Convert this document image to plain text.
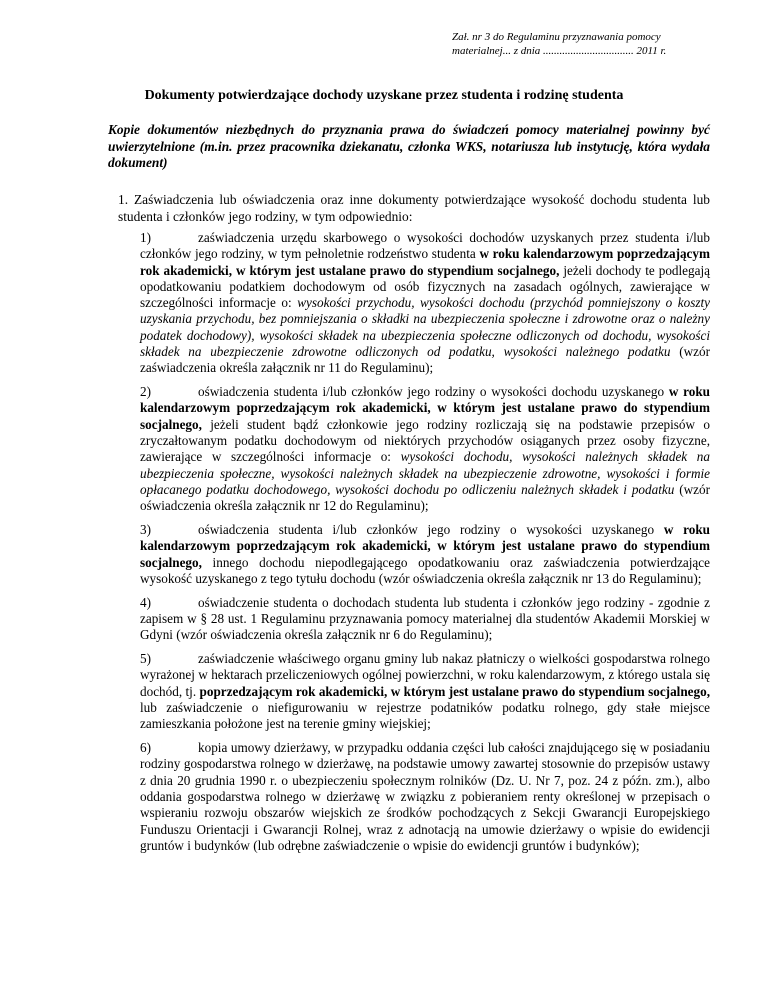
Zał. nr 3 do Regulaminu przyznawania pomocy
materialnej... z dnia ................................. 2011 r.
Dokumenty potwierdzające dochody uzyskane przez studenta i rodzinę studenta
Kopie dokumentów niezbędnych do przyznania prawa do świadczeń pomocy materialnej powinny być uwierzytelnione (m.in. przez pracownika dziekanatu, członka WKS, notariusza lub instytucję, która wydała dokument)
1. Zaświadczenia lub oświadczenia oraz inne dokumenty potwierdzające wysokość dochodu studenta lub studenta i członków jego rodziny, w tym odpowiednio:
1)	zaświadczenia urzędu skarbowego o wysokości dochodów uzyskanych przez studenta i/lub członków jego rodziny, w tym pełnoletnie rodzeństwo studenta w roku kalendarzowym poprzedzającym rok akademicki, w którym jest ustalane prawo do stypendium socjalnego, jeżeli dochody te podlegają opodatkowaniu podatkiem dochodowym od osób fizycznych na zasadach ogólnych, zawierające w szczególności informacje o: wysokości przychodu, wysokości dochodu (przychód pomniejszony o koszty uzyskania przychodu, bez pomniejszania o składki na ubezpieczenia społeczne i zdrowotne oraz o należny podatek dochodowy), wysokości składek na ubezpieczenia społeczne odliczonych od dochodu, wysokości składek na ubezpieczenie zdrowotne odliczonych od podatku, wysokości należnego podatku (wzór zaświadczenia określa załącznik nr 11 do Regulaminu);
2)	oświadczenia studenta i/lub członków jego rodziny o wysokości dochodu uzyskanego w roku kalendarzowym poprzedzającym rok akademicki, w którym jest ustalane prawo do stypendium socjalnego, jeżeli student bądź członkowie jego rodziny rozliczają się na podstawie przepisów o zryczałtowanym podatku dochodowym od niektórych przychodów osiąganych przez osoby fizyczne, zawierające w szczególności informacje o: wysokości dochodu, wysokości należnych składek na ubezpieczenia społeczne, wysokości należnych składek na ubezpieczenie zdrowotne, wysokości i formie opłacanego podatku dochodowego, wysokości dochodu po odliczeniu należnych składek i podatku (wzór oświadczenia określa załącznik nr 12 do Regulaminu);
3)	oświadczenia studenta i/lub członków jego rodziny o wysokości uzyskanego w roku kalendarzowym poprzedzającym rok akademicki, w którym jest ustalane prawo do stypendium socjalnego, innego dochodu niepodlegającego opodatkowaniu oraz zaświadczenia potwierdzające wysokość uzyskanego z tego tytułu dochodu (wzór oświadczenia określa załącznik nr 13 do Regulaminu);
4)	oświadczenie studenta o dochodach studenta lub studenta i członków jego rodziny - zgodnie z zapisem w § 28 ust. 1 Regulaminu przyznawania pomocy materialnej dla studentów Akademii Morskiej w Gdyni (wzór oświadczenia określa załącznik nr 6 do Regulaminu);
5)	zaświadczenie właściwego organu gminy lub nakaz płatniczy o wielkości gospodarstwa rolnego wyrażonej w hektarach przeliczeniowych ogólnej powierzchni, w roku kalendarzowym, z którego ustala się dochód, tj. poprzedzającym rok akademicki, w którym jest ustalane prawo do stypendium socjalnego, lub zaświadczenie o niefigurowaniu w rejestrze podatników podatku rolnego, gdy stałe miejsce zamieszkania położone jest na terenie gminy wiejskiej;
6)	kopia umowy dzierżawy, w przypadku oddania części lub całości znajdującego się w posiadaniu rodziny gospodarstwa rolnego w dzierżawę, na podstawie umowy zawartej stosownie do przepisów ustawy z dnia 20 grudnia 1990 r. o ubezpieczeniu społecznym rolników (Dz. U. Nr 7, poz. 24 z późn. zm.), albo oddania gospodarstwa rolnego w dzierżawę w związku z pobieraniem renty określonej w przepisach o wspieraniu rozwoju obszarów wiejskich ze środków pochodzących z Sekcji Gwarancji Europejskiego Funduszu Orientacji i Gwarancji Rolnej, wraz z adnotacją na umowie dzierżawy o wpisie do ewidencji gruntów i budynków (lub odrębne zaświadczenie o wpisie do ewidencji gruntów i budynków);
